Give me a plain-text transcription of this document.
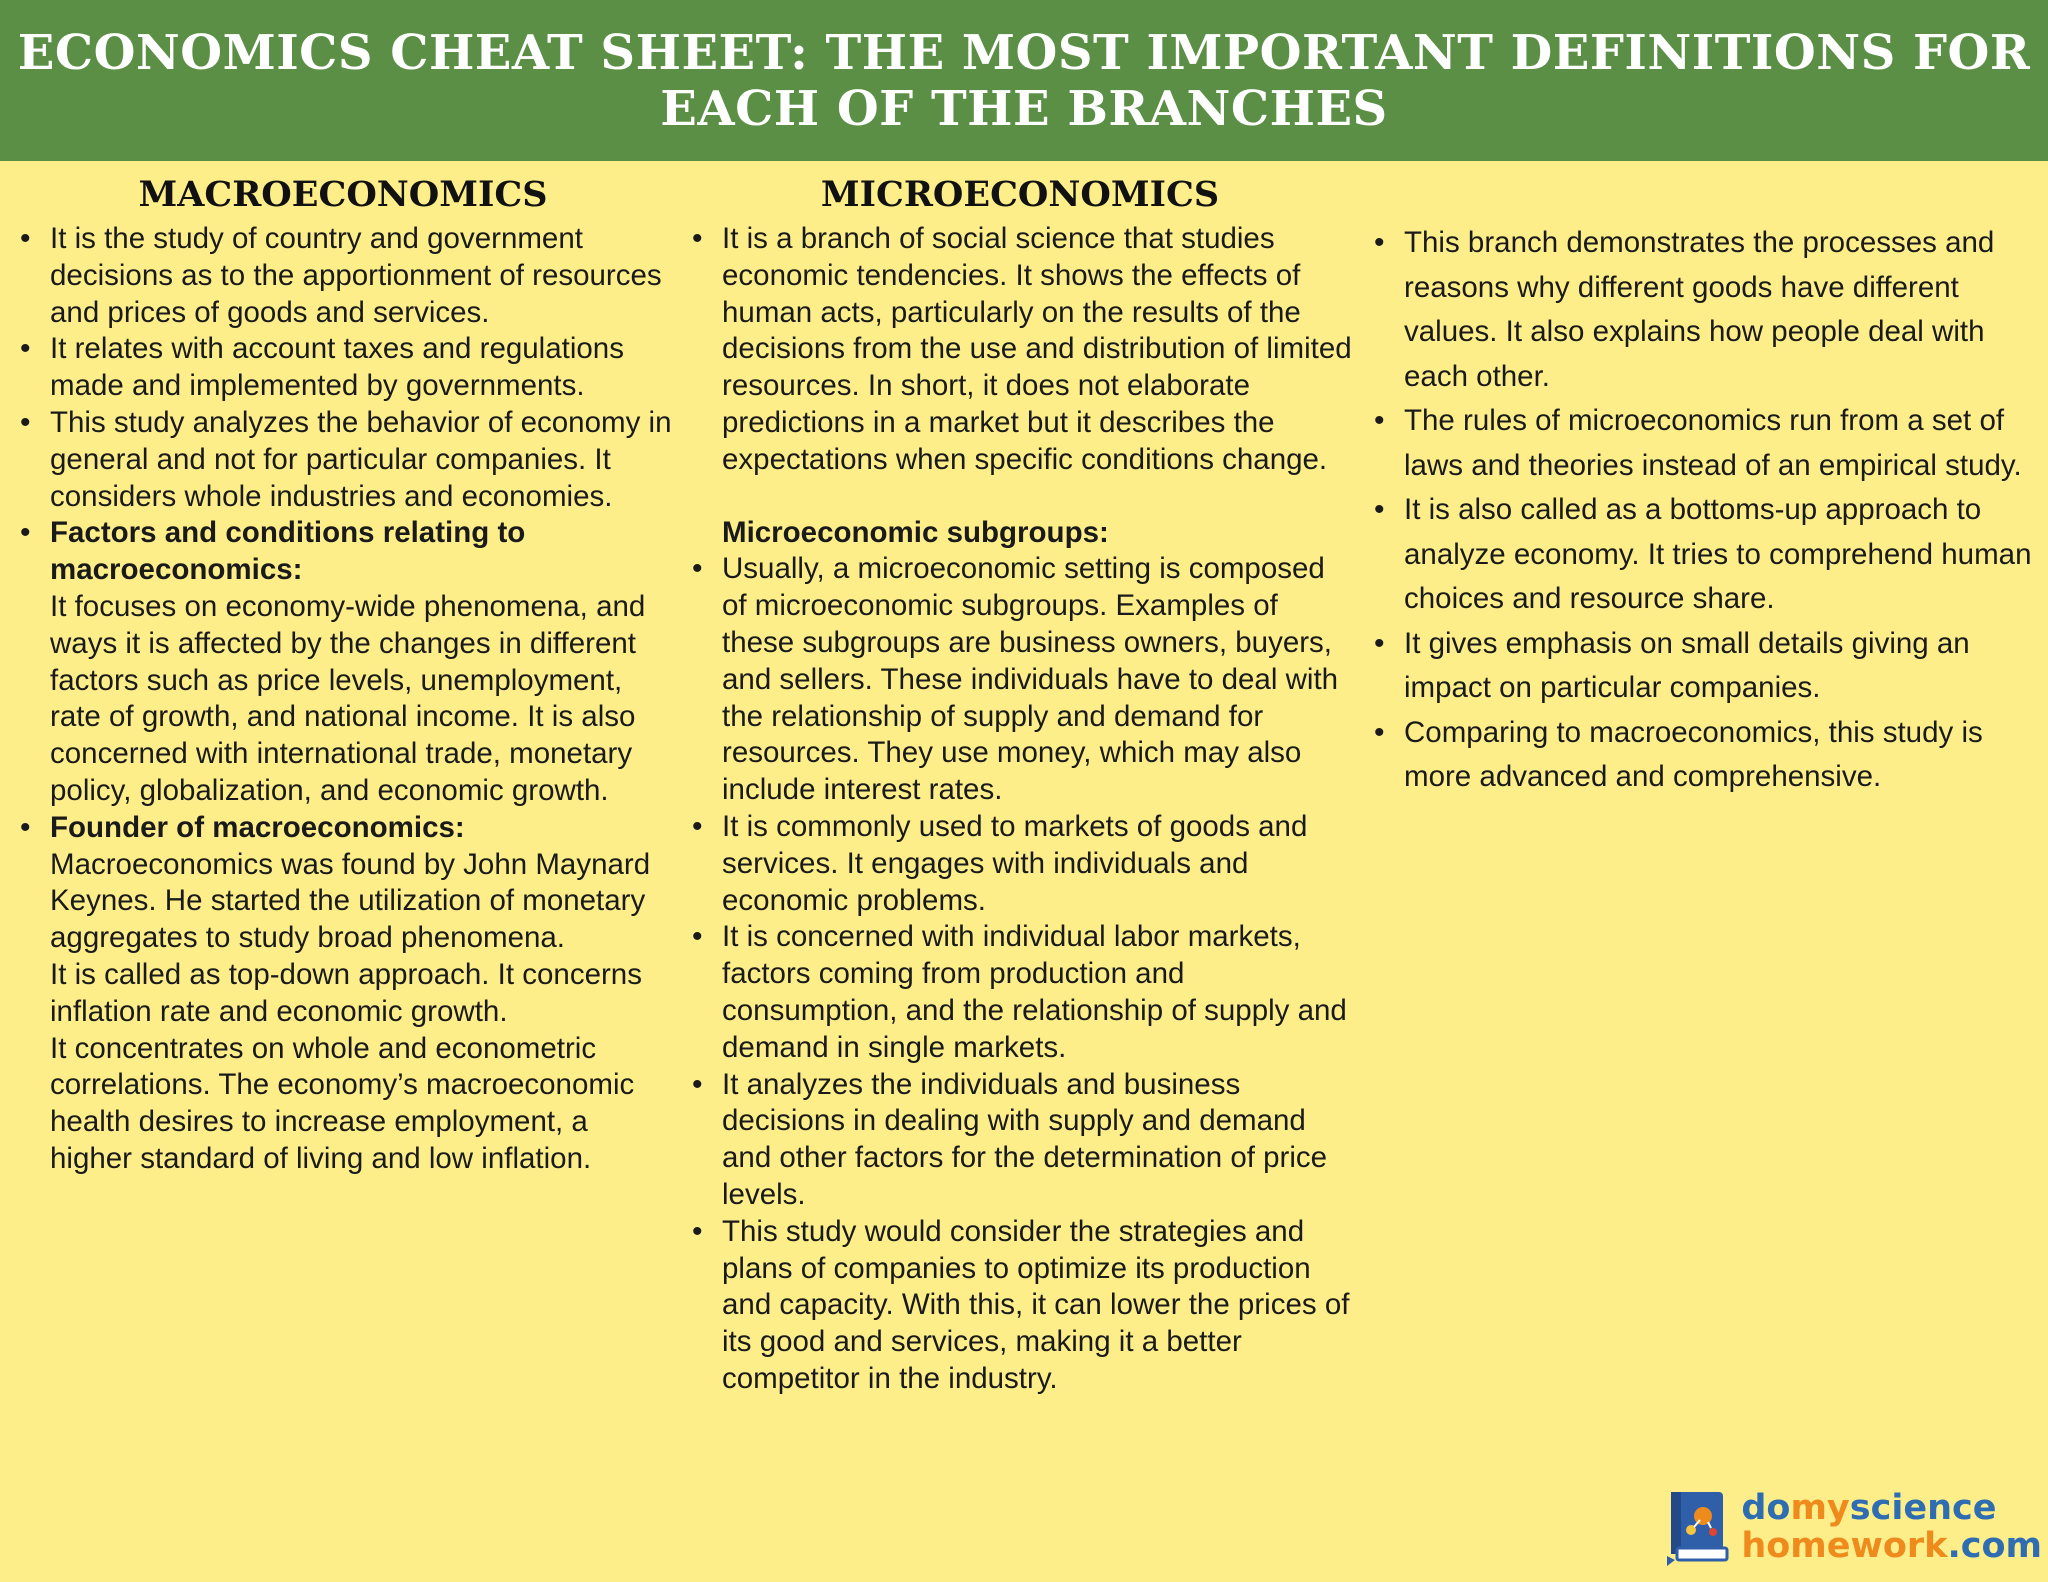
ECONOMICS CHEAT SHEET: THE MOST IMPORTANT DEFINITIONS FOR
EACH OF THE BRANCHES
MACROECONOMICS
• It is the study of country and government decisions as to the apportionment of resources and prices of goods and services.
• It relates with account taxes and regulations made and implemented by governments.
• This study analyzes the behavior of economy in general and not for particular companies. It considers whole industries and economies.
• Factors and conditions relating to macroeconomics:
It focuses on economy-wide phenomena, and ways it is affected by the changes in different factors such as price levels, unemployment, rate of growth, and national income. It is also concerned with international trade, monetary policy, globalization, and economic growth.
• Founder of macroeconomics:
Macroeconomics was found by John Maynard Keynes. He started the utilization of monetary aggregates to study broad phenomena.
It is called as top-down approach. It concerns inflation rate and economic growth.
It concentrates on whole and econometric correlations. The economy’s macroeconomic health desires to increase employment, a higher standard of living and low inflation.
MICROECONOMICS
• It is a branch of social science that studies economic tendencies. It shows the effects of human acts, particularly on the results of the decisions from the use and distribution of limited resources. In short, it does not elaborate predictions in a market but it describes the expectations when specific conditions change.
Microeconomic subgroups:
• Usually, a microeconomic setting is composed of microeconomic subgroups. Examples of these subgroups are business owners, buyers, and sellers. These individuals have to deal with the relationship of supply and demand for resources. They use money, which may also include interest rates.
• It is commonly used to markets of goods and services. It engages with individuals and economic problems.
• It is concerned with individual labor markets, factors coming from production and consumption, and the relationship of supply and demand in single markets.
• It analyzes the individuals and business decisions in dealing with supply and demand and other factors for the determination of price levels.
• This study would consider the strategies and plans of companies to optimize its production and capacity. With this, it can lower the prices of its good and services, making it a better competitor in the industry.
• This branch demonstrates the processes and reasons why different goods have different values. It also explains how people deal with each other.
• The rules of microeconomics run from a set of laws and theories instead of an empirical study.
• It is also called as a bottoms-up approach to analyze economy. It tries to comprehend human choices and resource share.
• It gives emphasis on small details giving an impact on particular companies.
• Comparing to macroeconomics, this study is more advanced and comprehensive.
domyscience
homework.com
